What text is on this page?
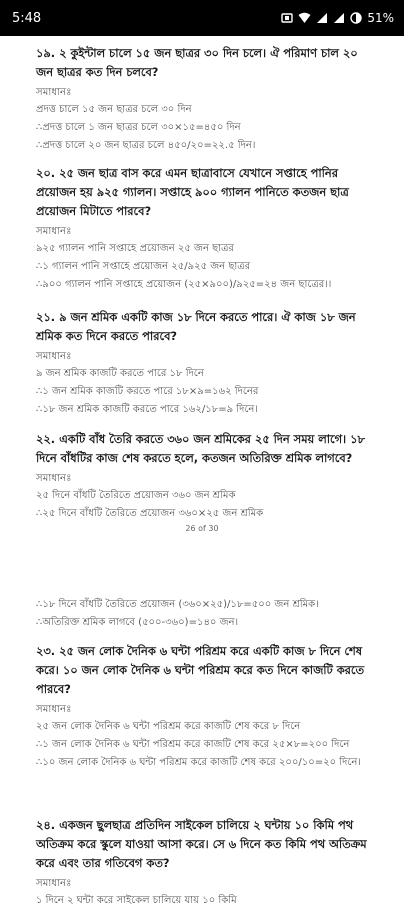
5:48	51%
১৯. ২ কুইন্টাল চালে ১৫ জন ছাত্রর ৩০ দিন চলে। ঐ পরিমাণ চাল ২০ জন ছাত্রর কত দিন চলবে?
সমাধানঃ
প্রদত্ত চালে ১৫ জন ছাত্রর চলে ৩০ দিন
∴প্রদত্ত চালে ১ জন ছাত্রর চলে ৩০×১৫=৪৫০ দিন
∴প্রদত্ত চালে ২০ জন ছাত্রর চলে ৪৫০/২০=২২.৫ দিন।
২০. ২৫ জন ছাত্র বাস করে এমন ছাত্রাবাসে যেখানে সপ্তাহে পানির প্রয়োজন হয় ৯২৫ গ্যালন। সপ্তাহে ৯০০ গ্যালন পানিতে কতজন ছাত্র প্রয়োজন মিটাতে পারবে?
সমাধানঃ
৯২৫ গ্যালন পানি সপ্তাহে প্রয়োজন ২৫ জন ছাত্রর
∴১ গ্যালন পানি সপ্তাহে প্রয়োজন ২৫/৯২৫ জন ছাত্রর
∴৯০০ গ্যালন পানি সপ্তাহে প্রয়োজন (২৫×৯০০)/৯২৫=২৪ জন ছাত্রের।।
২১. ৯ জন শ্রমিক একটি কাজ ১৮ দিনে করতে পারে। ঐ কাজ ১৮ জন শ্রমিক কত দিনে করতে পারবে?
সমাধানঃ
৯ জন শ্রমিক কাজটি করতে পারে ১৮ দিনে
∴১ জন শ্রমিক কাজটি করতে পারে ১৮×৯=১৬২ দিনের
∴১৮ জন শ্রমিক কাজটি করতে পারে ১৬২/১৮=৯ দিনে।
২২. একটি বাঁধ তৈরি করতে ৩৬০ জন শ্রমিকের ২৫ দিন সময় লাগে। ১৮ দিনে বাঁধটির কাজ শেষ করতে হলে, কতজন অতিরিক্ত শ্রমিক লাগবে?
সমাধানঃ
২৫ দিনে বাঁধটি তৈরিতে প্রয়োজন ৩৬০ জন শ্রমিক
∴২৫ দিনে বাঁধটি তৈরিতে প্রয়োজন ৩৬০×২৫ জন শ্রমিক
26 of 30
∴১৮ দিনে বাঁধটি তৈরিতে প্রয়োজন (৩৬০×২৫)/১৮=৫০০ জন শ্রমিক।
∴অতিরিক্ত শ্রমিক লাগবে (৫০০-৩৬০)=১৪০ জন।
২৩. ২৫ জন লোক দৈনিক ৬ ঘন্টা পরিশ্রম করে একটি কাজ ৮ দিনে শেষ করে। ১০ জন লোক দৈনিক ৬ ঘন্টা পরিশ্রম করে কত দিনে কাজটি করতে পারবে?
সমাধানঃ
২৫ জন লোক দৈনিক ৬ ঘন্টা পরিশ্রম করে কাজটি শেষ করে ৮ দিনে
∴১ জন লোক দৈনিক ৬ ঘন্টা পরিশ্রম করে কাজটি শেষ করে ২৫×৮=২০০ দিনে
∴১০ জন লোক দৈনিক ৬ ঘন্টা পরিশ্রম করে কাজটি শেষ করে ২০০/১০=২০ দিনে।
২৪. একজন ছুলছাত্র প্রতিদিন সাইকেল চালিয়ে ২ ঘন্টায় ১০ কিমি পথ অতিক্রম করে স্কুলে যাওয়া আসা করে। সে ৬ দিনে কত কিমি পথ অতিক্রম করে এবং তার গতিবেগ কত?
সমাধানঃ
১ দিনে ২ ঘন্টা করে সাইকেল চালিয়ে যায় ১০ কিমি
